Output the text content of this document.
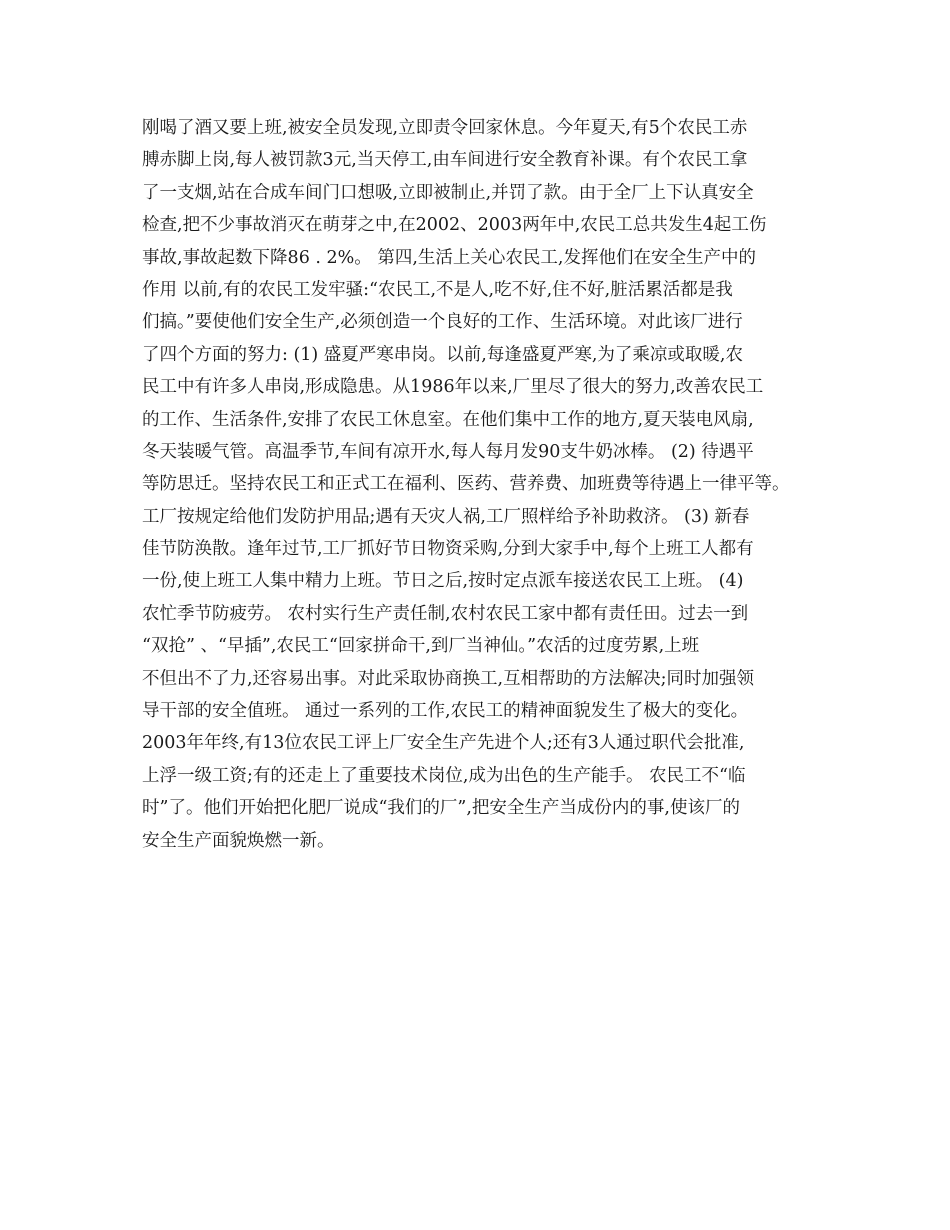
刚喝了酒又要上班,被安全员发现,立即责令回家休息。今年夏天,有5个农民工赤
膊赤脚上岗,每人被罚款3元,当天停工,由车间进行安全教育补课。有个农民工拿
了一支烟,站在合成车间门口想吸,立即被制止,并罚了款。由于全厂上下认真安全
检查,把不少事故消灭在萌芽之中,在2002、2003两年中,农民工总共发生4起工伤
事故,事故起数下降86 . 2%。 第四,生活上关心农民工,发挥他们在安全生产中的
作用 以前,有的农民工发牢骚:“农民工,不是人,吃不好,住不好,脏活累活都是我
们搞。”要使他们安全生产,必须创造一个良好的工作、生活环境。对此该厂进行
了四个方面的努力: (1) 盛夏严寒串岗。以前,每逢盛夏严寒,为了乘凉或取暖,农
民工中有许多人串岗,形成隐患。从1986年以来,厂里尽了很大的努力,改善农民工
的工作、生活条件,安排了农民工休息室。在他们集中工作的地方,夏天装电风扇,
冬天装暖气管。高温季节,车间有凉开水,每人每月发90支牛奶冰棒。 (2) 待遇平
等防思迁。坚持农民工和正式工在福利、医药、营养费、加班费等待遇上一律平等。
工厂按规定给他们发防护用品;遇有天灾人祸,工厂照样给予补助救济。 (3) 新春
佳节防涣散。逢年过节,工厂抓好节日物资采购,分到大家手中,每个上班工人都有
一份,使上班工人集中精力上班。节日之后,按时定点派车接送农民工上班。 (4)
农忙季节防疲劳。 农村实行生产责任制,农村农民工家中都有责任田。过去一到
“双抢” 、“早插”,农民工“回家拼命干,到厂当神仙。”农活的过度劳累,上班
不但出不了力,还容易出事。对此采取协商换工,互相帮助的方法解决;同时加强领
导干部的安全值班。 通过一系列的工作,农民工的精神面貌发生了极大的变化。
2003年年终,有13位农民工评上厂安全生产先进个人;还有3人通过职代会批准,
上浮一级工资;有的还走上了重要技术岗位,成为出色的生产能手。 农民工不“临
时”了。他们开始把化肥厂说成“我们的厂”,把安全生产当成份内的事,使该厂的
安全生产面貌焕燃一新。
